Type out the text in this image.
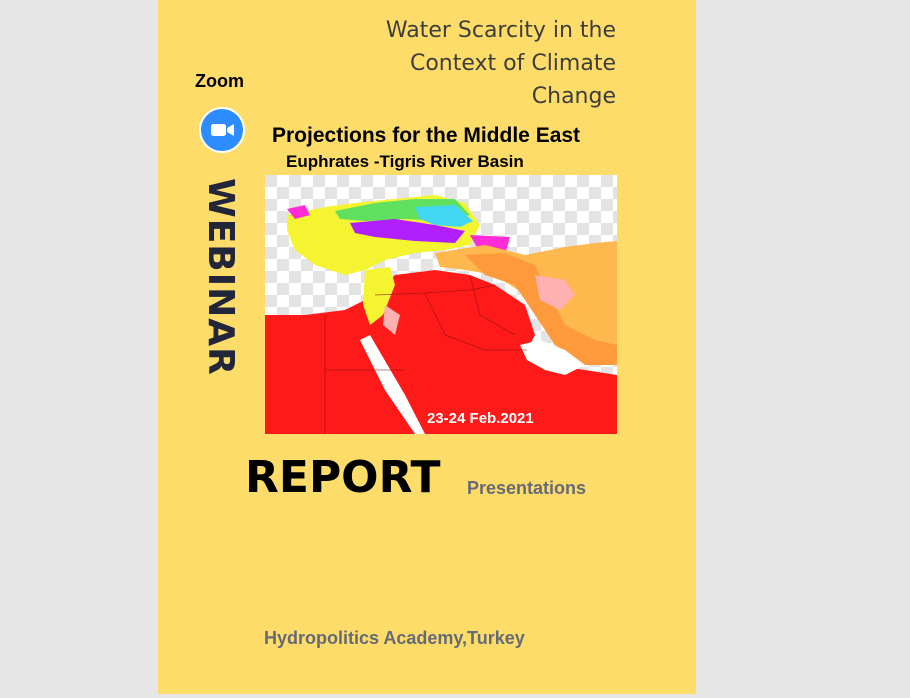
Water Scarcity in the
Context of Climate
Change
Zoom
WEBINAR
Projections for the Middle East
Euphrates -Tigris River Basin
23-24 Feb.2021
REPORT Presentations
Hydropolitics Academy,Turkey
